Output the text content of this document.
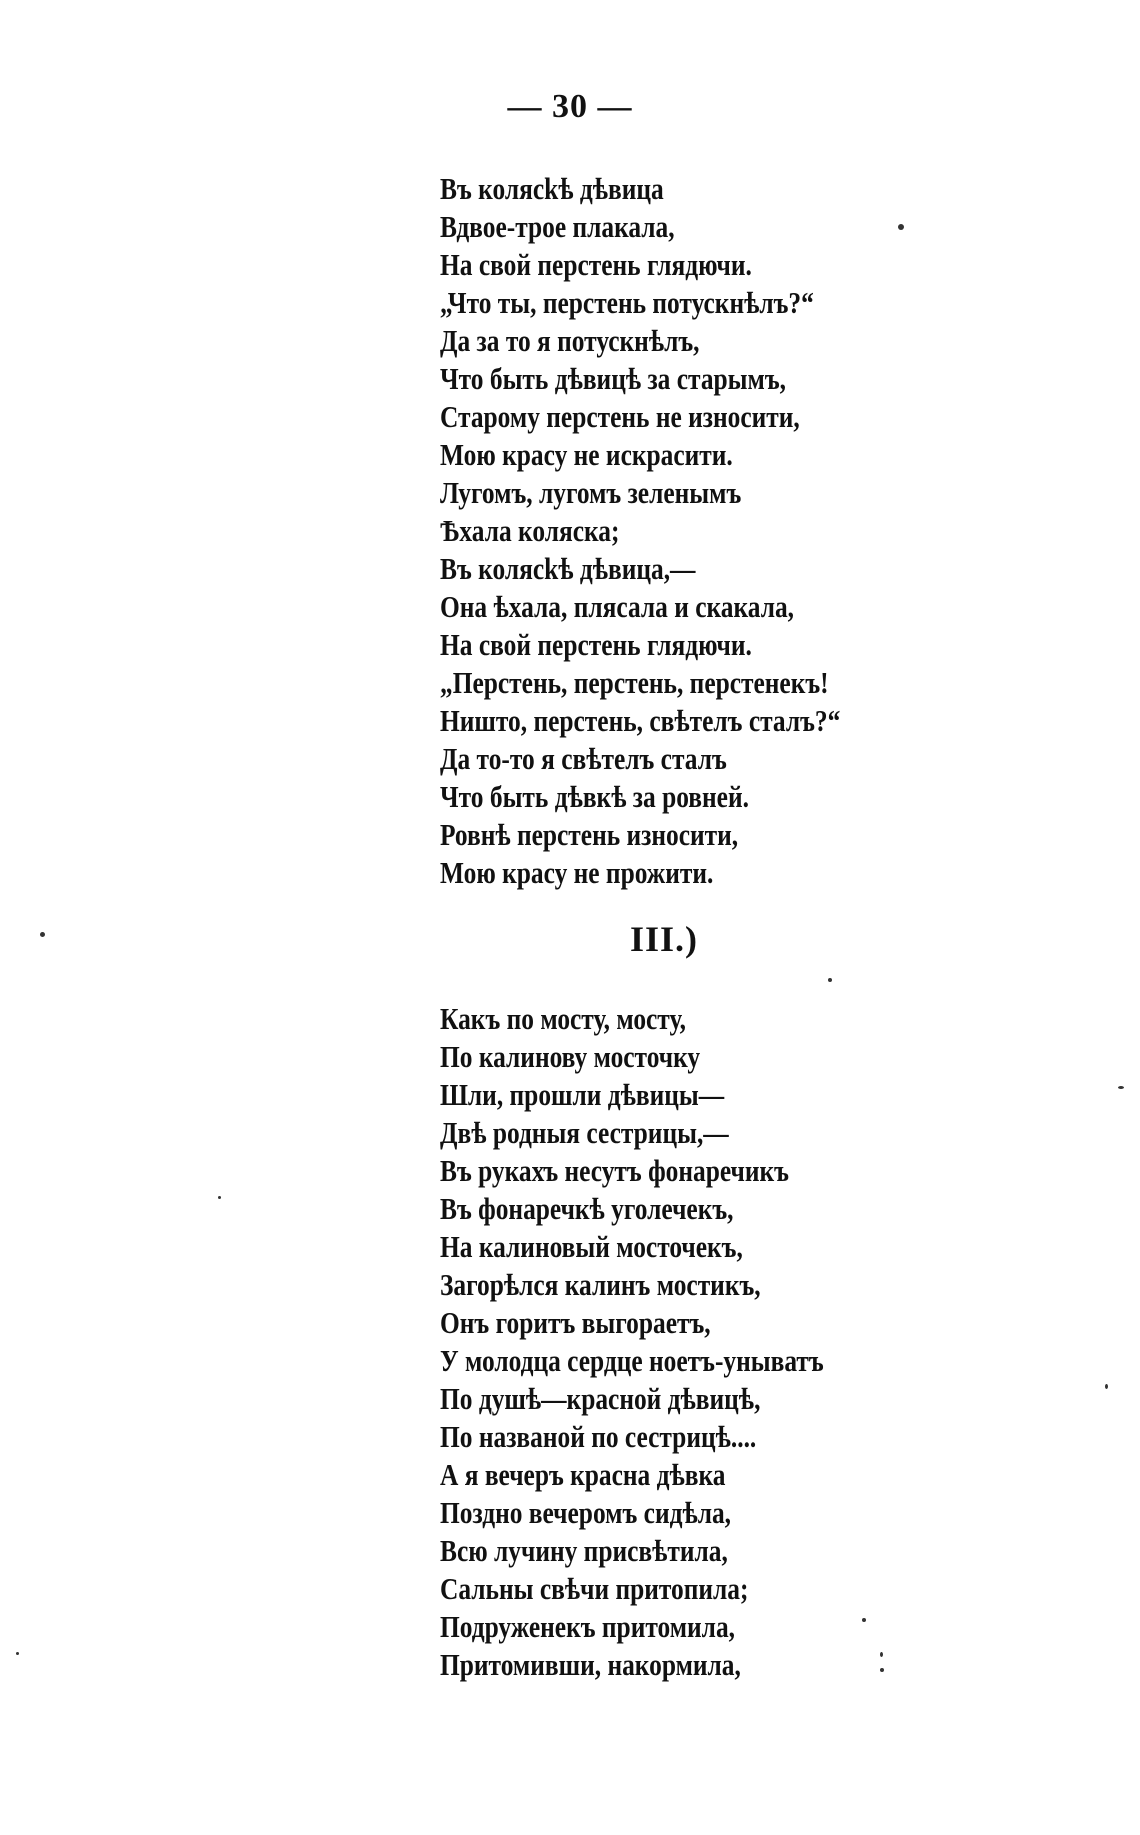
— 30 —
Въ колясkѣ дѣвица
Вдвое-трое плакала,
На свой перстень глядючи.
„Что ты, перстень потускнѣлъ?“
Да за то я потускнѣлъ,
Что быть дѣвицѣ за старымъ,
Старому перстень не износити,
Мою красу не искрасити.
Лугомъ, лугомъ зеленымъ
Ѣхала коляска;
Въ колясkѣ дѣвица,—
Она ѣхала, плясала и скакала,
На свой перстень глядючи.
„Перстень, перстень, перстенекъ!
Ништо, перстень, свѣтелъ сталъ?“
Да то-то я свѣтелъ сталъ
Что быть дѣвкѣ за ровней.
Ровнѣ перстень износити,
Мою красу не прожити.
III.)
Какъ по мосту, мосту,
По калинову мосточку
Шли, прошли дѣвицы—
Двѣ родныя сестрицы,—
Въ рукахъ несутъ фонаречикъ
Въ фонаречкѣ уголечекъ,
На калиновый мосточекъ,
Загорѣлся калинъ мостикъ,
Онъ горитъ выгораетъ,
У молодца сердце ноетъ-уныватъ
По душѣ—красной дѣвицѣ,
По названой по сестрицѣ....
А я вечеръ красна дѣвка
Поздно вечеромъ сидѣла,
Всю лучину присвѣтила,
Сальны свѣчи притопила;
Подруженекъ притомила,
Притомивши, накормила,
